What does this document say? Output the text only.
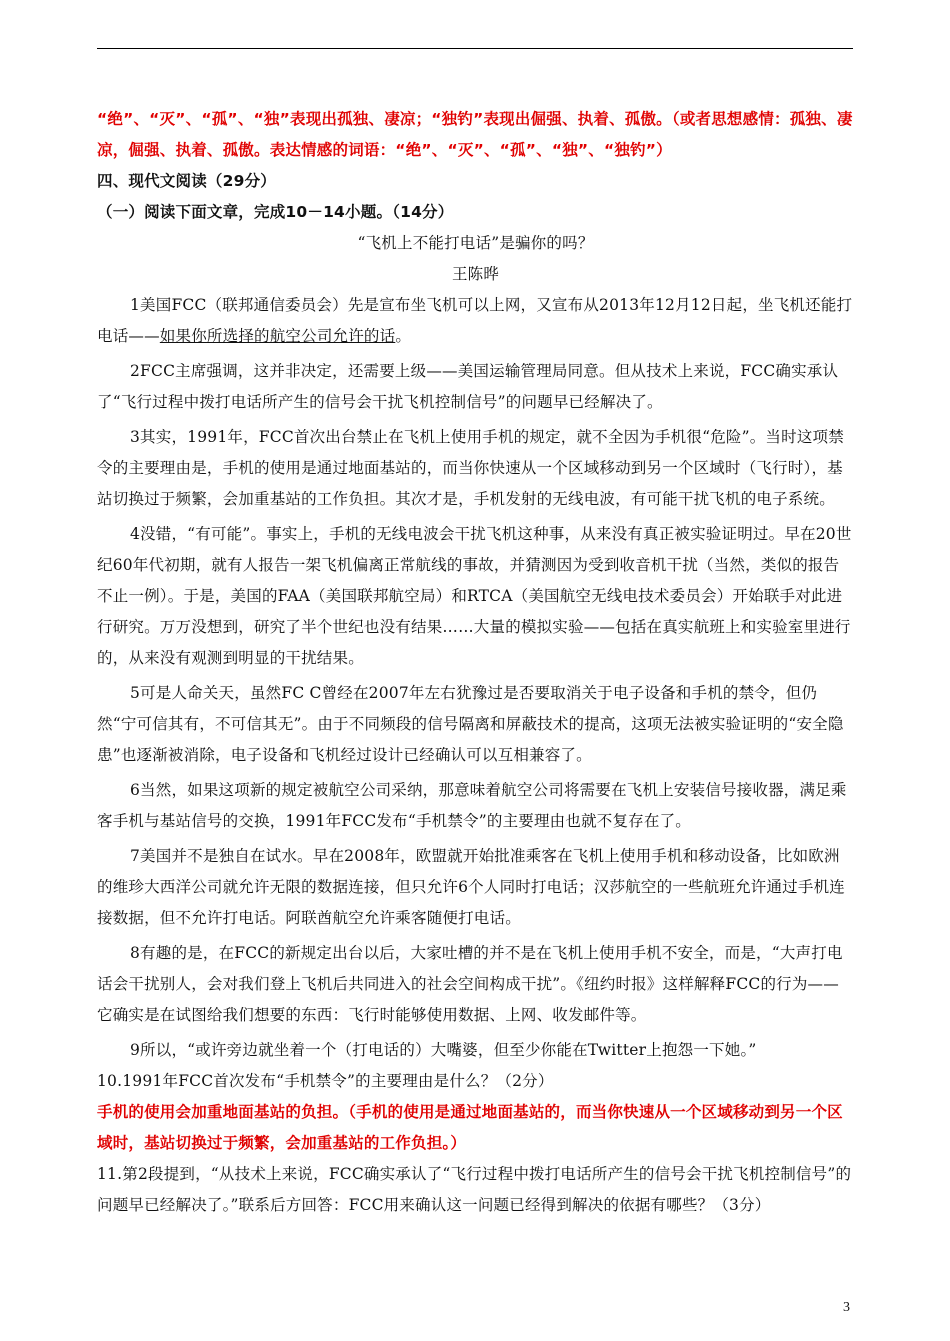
“绝”、“灭”、“孤”、“独”表现出孤独、凄凉；“独钓”表现出倔强、执着、孤傲。（或者思想感情：孤独、凄凉，倔强、执着、孤傲。表达情感的词语：“绝”、“灭”、“孤”、“独”、“独钓”）

四、现代文阅读（29分）

（一）阅读下面文章，完成10－14小题。（14分）

“飞机上不能打电话”是骗你的吗？

王陈晔

1美国FCC（联邦通信委员会）先是宣布坐飞机可以上网，又宣布从2013年12月12日起，坐飞机还能打电话——如果你所选择的航空公司允许的话。

2FCC主席强调，这并非决定，还需要上级——美国运输管理局同意。但从技术上来说，FCC确实承认了“飞行过程中拨打电话所产生的信号会干扰飞机控制信号”的问题早已经解决了。

3其实，1991年，FCC首次出台禁止在飞机上使用手机的规定，就不全因为手机很“危险”。当时这项禁令的主要理由是，手机的使用是通过地面基站的，而当你快速从一个区域移动到另一个区域时（飞行时），基站切换过于频繁，会加重基站的工作负担。其次才是，手机发射的无线电波，有可能干扰飞机的电子系统。

4没错，“有可能”。事实上，手机的无线电波会干扰飞机这种事，从来没有真正被实验证明过。早在20世纪60年代初期，就有人报告一架飞机偏离正常航线的事故，并猜测因为受到收音机干扰（当然，类似的报告不止一例）。于是，美国的FAA（美国联邦航空局）和RTCA（美国航空无线电技术委员会）开始联手对此进行研究。万万没想到，研究了半个世纪也没有结果……大量的模拟实验——包括在真实航班上和实验室里进行的，从来没有观测到明显的干扰结果。

5可是人命关天，虽然FC C曾经在2007年左右犹豫过是否要取消关于电子设备和手机的禁令，但仍然“宁可信其有，不可信其无”。由于不同频段的信号隔离和屏蔽技术的提高，这项无法被实验证明的“安全隐患”也逐渐被消除，电子设备和飞机经过设计已经确认可以互相兼容了。

6当然，如果这项新的规定被航空公司采纳，那意味着航空公司将需要在飞机上安装信号接收器，满足乘客手机与基站信号的交换，1991年FCC发布“手机禁令”的主要理由也就不复存在了。

7美国并不是独自在试水。早在2008年，欧盟就开始批准乘客在飞机上使用手机和移动设备，比如欧洲的维珍大西洋公司就允许无限的数据连接，但只允许6个人同时打电话；汉莎航空的一些航班允许通过手机连接数据，但不允许打电话。阿联酋航空允许乘客随便打电话。

8有趣的是，在FCC的新规定出台以后，大家吐槽的并不是在飞机上使用手机不安全，而是，“大声打电话会干扰别人，会对我们登上飞机后共同进入的社会空间构成干扰”。《纽约时报》这样解释FCC的行为——它确实是在试图给我们想要的东西：飞行时能够使用数据、上网、收发邮件等。

9所以，“或许旁边就坐着一个（打电话的）大嘴婆，但至少你能在Twitter上抱怨一下她。”

10.1991年FCC首次发布“手机禁令”的主要理由是什么？（2分）

手机的使用会加重地面基站的负担。（手机的使用是通过地面基站的，而当你快速从一个区域移动到另一个区域时，基站切换过于频繁，会加重基站的工作负担。）

11.第2段提到，“从技术上来说，FCC确实承认了“飞行过程中拨打电话所产生的信号会干扰飞机控制信号”的问题早已经解决了。”联系后方回答：FCC用来确认这一问题已经得到解决的依据有哪些？（3分）

3
